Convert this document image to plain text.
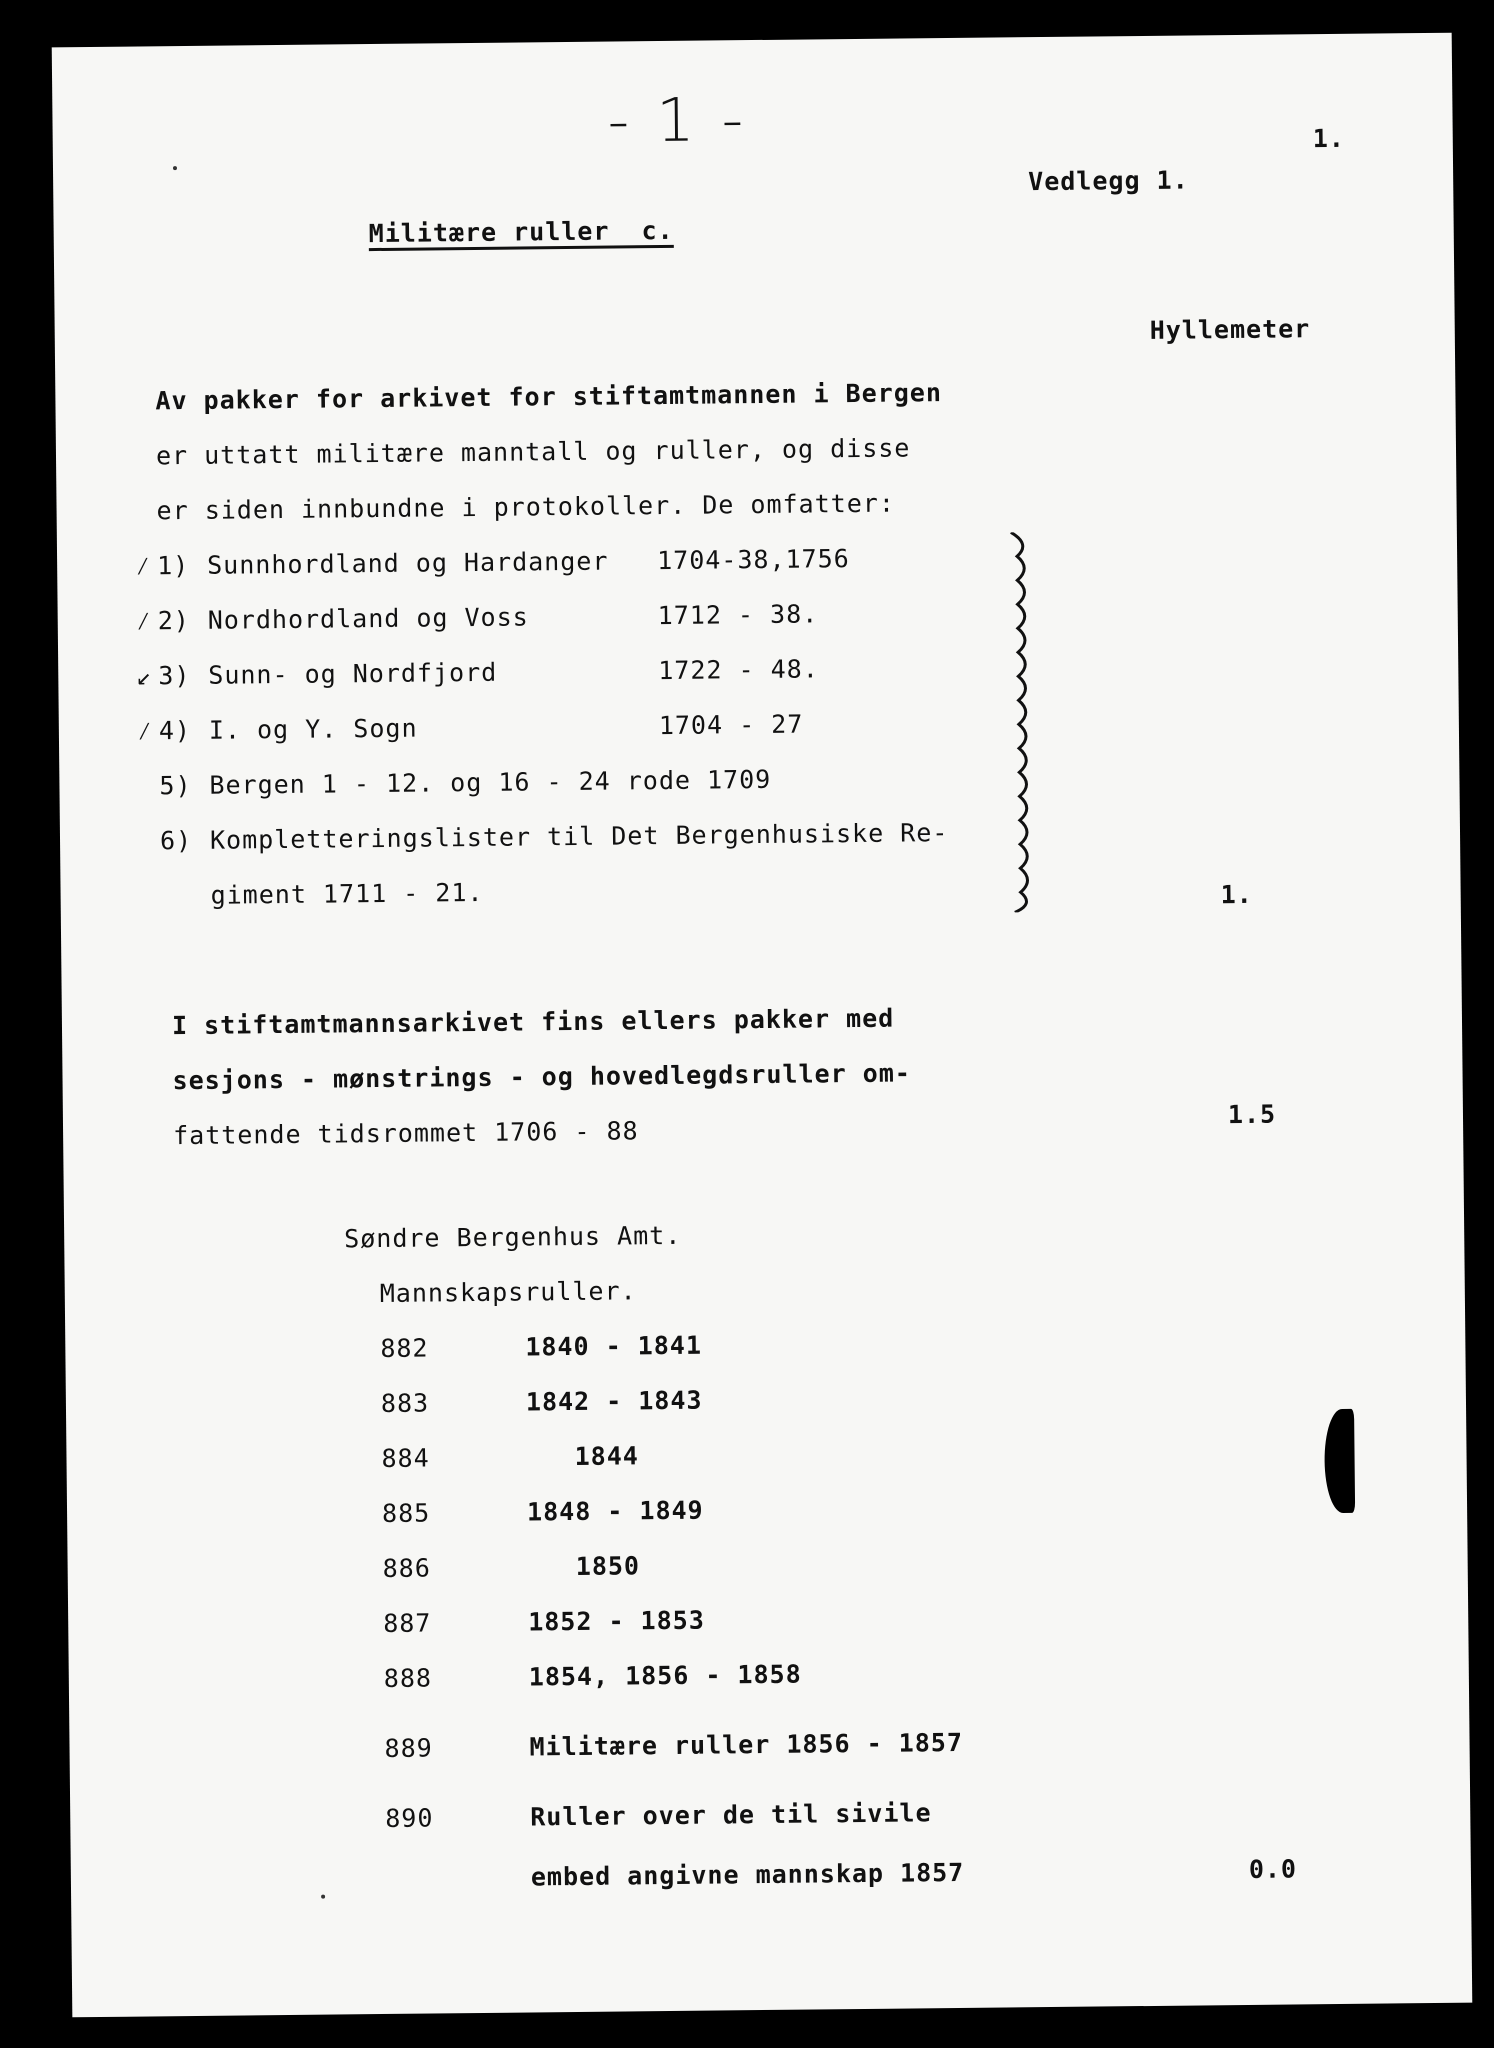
- 1 -	1.
Vedlegg 1.
Militære ruller  c.
Hyllemeter
Av pakker for arkivet for stiftamtmannen i Bergen
er uttatt militære manntall og ruller, og disse
er siden innbundne i protokoller. De omfatter:
⁄ 1) Sunnhordland og Hardanger 1704-38,1756
⁄ 2) Nordhordland og Voss	1712 - 38.
↙ 3) Sunn- og Nordfjord	1722 - 48.
⁄ 4) I. og Y. Sogn	1704 - 27
5) Bergen 1 - 12. og 16 - 24 rode 1709
6) Kompletteringslister til Det Bergenhusiske Re-
giment 1711 - 21.	1.
I stiftamtmannsarkivet fins ellers pakker med
sesjons - mønstrings - og hovedlegdsruller om-
fattende tidsrommet 1706 - 88
1.5
Søndre Bergenhus Amt.
Mannskapsruller.
882	1840 - 1841
883	1842 - 1843
884	1844
885	1848 - 1849
886	1850
887	1852 - 1853
888	1854, 1856 - 1858
889	Militære ruller 1856 - 1857
890	Ruller over de til sivile
embed angivne mannskap 1857	0.0
